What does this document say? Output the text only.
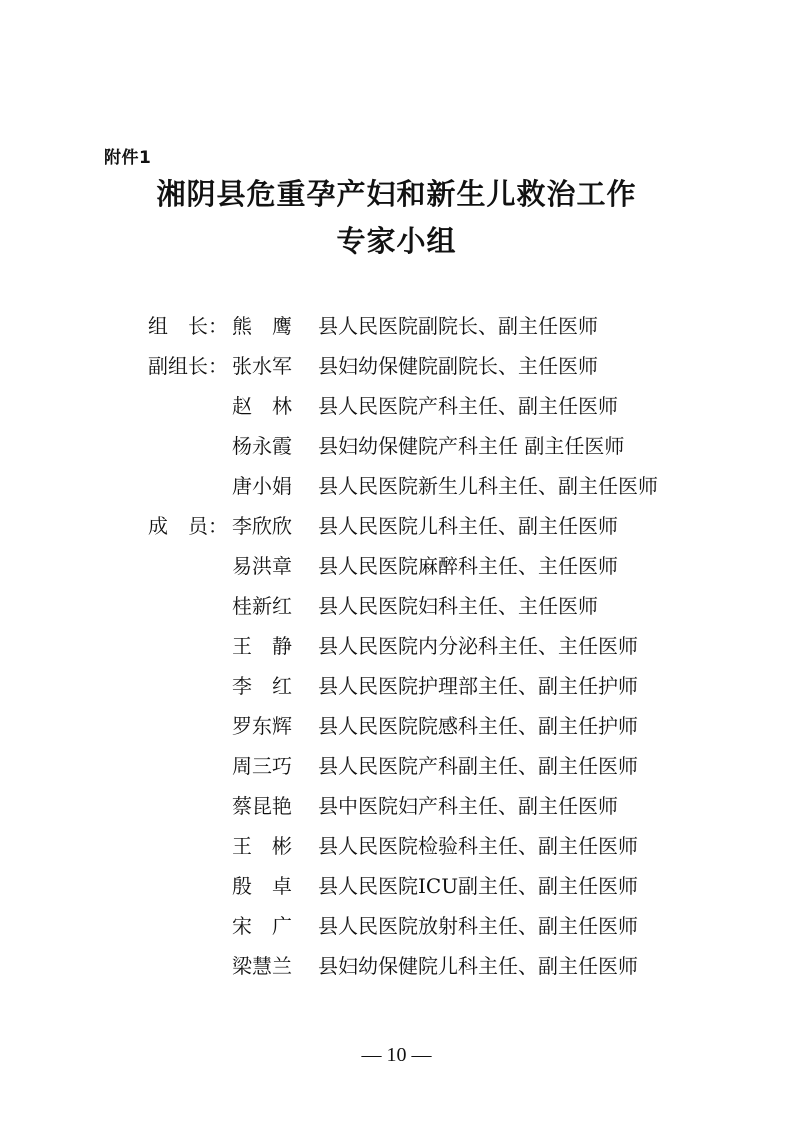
附件1
湘阴县危重孕产妇和新生儿救治工作
专家小组
组　长： 熊　鹰	县人民医院副院长、副主任医师
副组长： 张水军	县妇幼保健院副院长、主任医师
赵　林	县人民医院产科主任、副主任医师
杨永霞	县妇幼保健院产科主任 副主任医师
唐小娟	县人民医院新生儿科主任、副主任医师
成　员： 李欣欣	县人民医院儿科主任、副主任医师
易洪章	县人民医院麻醉科主任、主任医师
桂新红	县人民医院妇科主任、主任医师
王　静	县人民医院内分泌科主任、主任医师
李　红	县人民医院护理部主任、副主任护师
罗东辉	县人民医院院感科主任、副主任护师
周三巧	县人民医院产科副主任、副主任医师
蔡昆艳	县中医院妇产科主任、副主任医师
王　彬	县人民医院检验科主任、副主任医师
殷　卓	县人民医院ICU副主任、副主任医师
宋　广	县人民医院放射科主任、副主任医师
梁慧兰	县妇幼保健院儿科主任、副主任医师
— 10 —
